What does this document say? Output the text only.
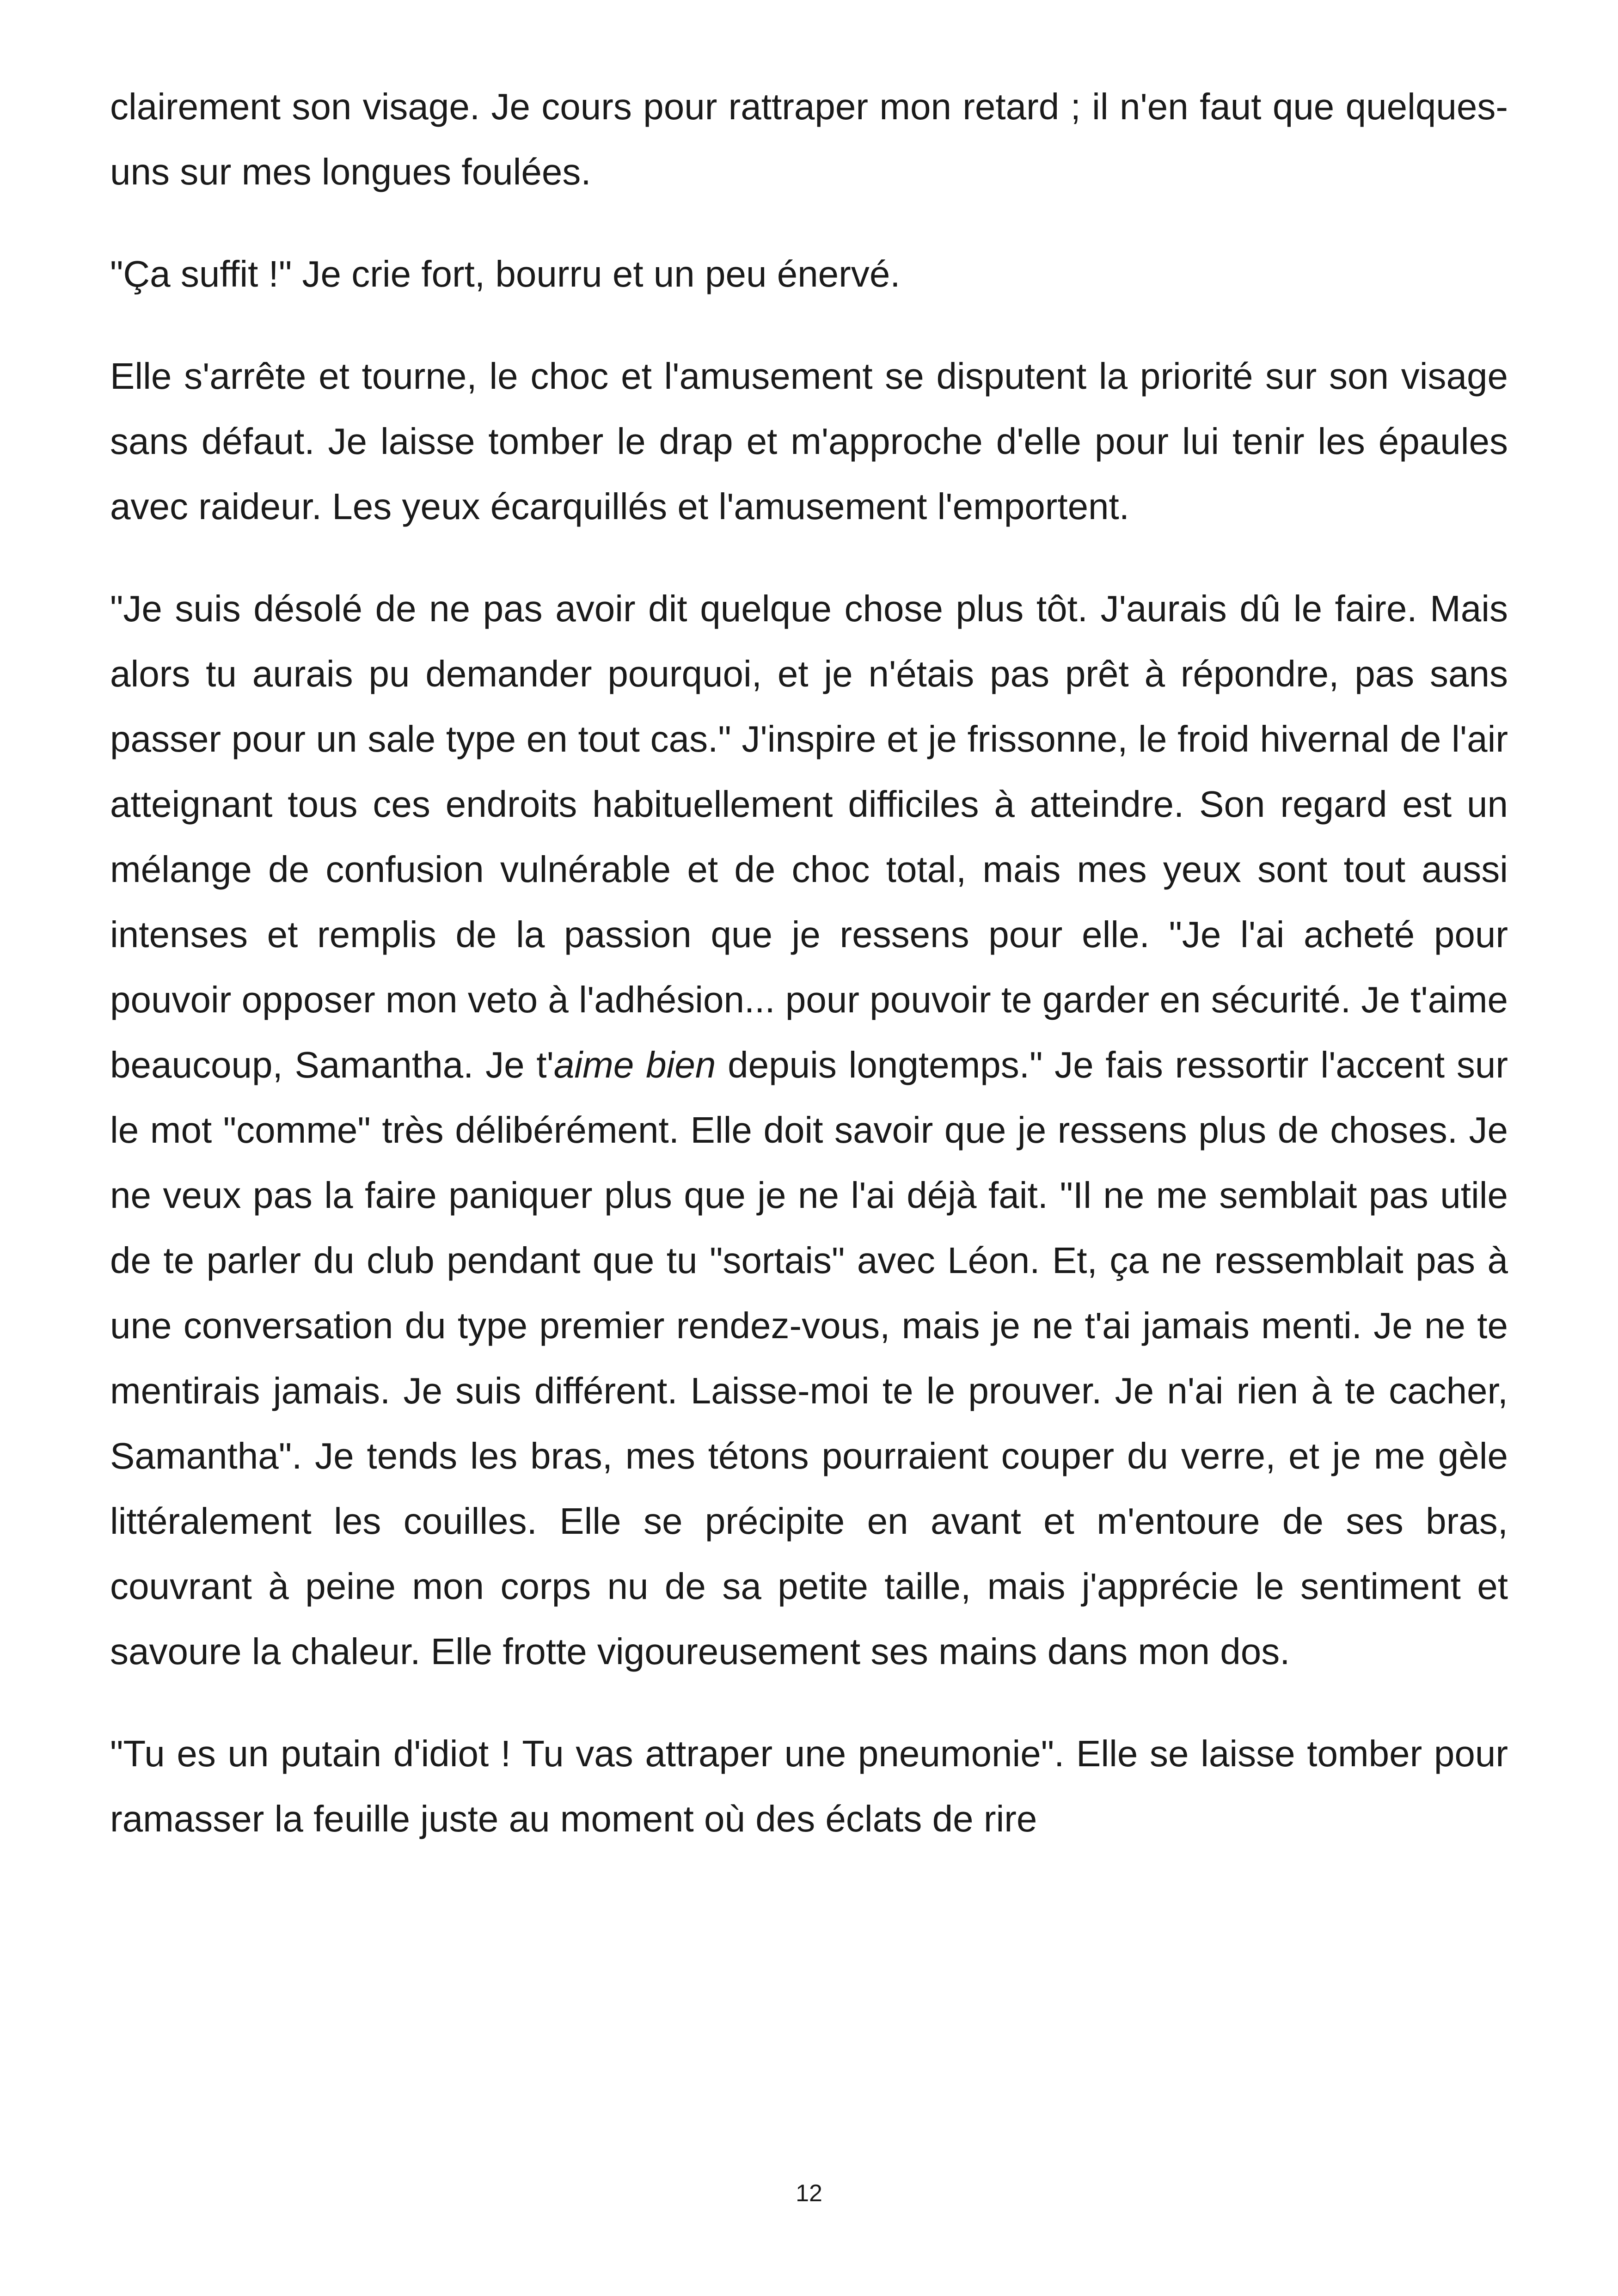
clairement son visage. Je cours pour rattraper mon retard ; il n'en faut que quelques-uns sur mes longues foulées.

"Ça suffit !" Je crie fort, bourru et un peu énervé.

Elle s'arrête et tourne, le choc et l'amusement se disputent la priorité sur son visage sans défaut. Je laisse tomber le drap et m'approche d'elle pour lui tenir les épaules avec raideur. Les yeux écarquillés et l'amusement l'emportent.

"Je suis désolé de ne pas avoir dit quelque chose plus tôt. J'aurais dû le faire. Mais alors tu aurais pu demander pourquoi, et je n'étais pas prêt à répondre, pas sans passer pour un sale type en tout cas." J'inspire et je frissonne, le froid hivernal de l'air atteignant tous ces endroits habituellement difficiles à atteindre. Son regard est un mélange de confusion vulnérable et de choc total, mais mes yeux sont tout aussi intenses et remplis de la passion que je ressens pour elle. "Je l'ai acheté pour pouvoir opposer mon veto à l'adhésion... pour pouvoir te garder en sécurité. Je t'aime beaucoup, Samantha. Je t'aime bien depuis longtemps." Je fais ressortir l'accent sur le mot "comme" très délibérément. Elle doit savoir que je ressens plus de choses. Je ne veux pas la faire paniquer plus que je ne l'ai déjà fait. "Il ne me semblait pas utile de te parler du club pendant que tu "sortais" avec Léon. Et, ça ne ressemblait pas à une conversation du type premier rendez-vous, mais je ne t'ai jamais menti. Je ne te mentirais jamais. Je suis différent. Laisse-moi te le prouver. Je n'ai rien à te cacher, Samantha". Je tends les bras, mes tétons pourraient couper du verre, et je me gèle littéralement les couilles. Elle se précipite en avant et m'entoure de ses bras, couvrant à peine mon corps nu de sa petite taille, mais j'apprécie le sentiment et savoure la chaleur. Elle frotte vigoureusement ses mains dans mon dos.

"Tu es un putain d'idiot ! Tu vas attraper une pneumonie". Elle se laisse tomber pour ramasser la feuille juste au moment où des éclats de rire

12
